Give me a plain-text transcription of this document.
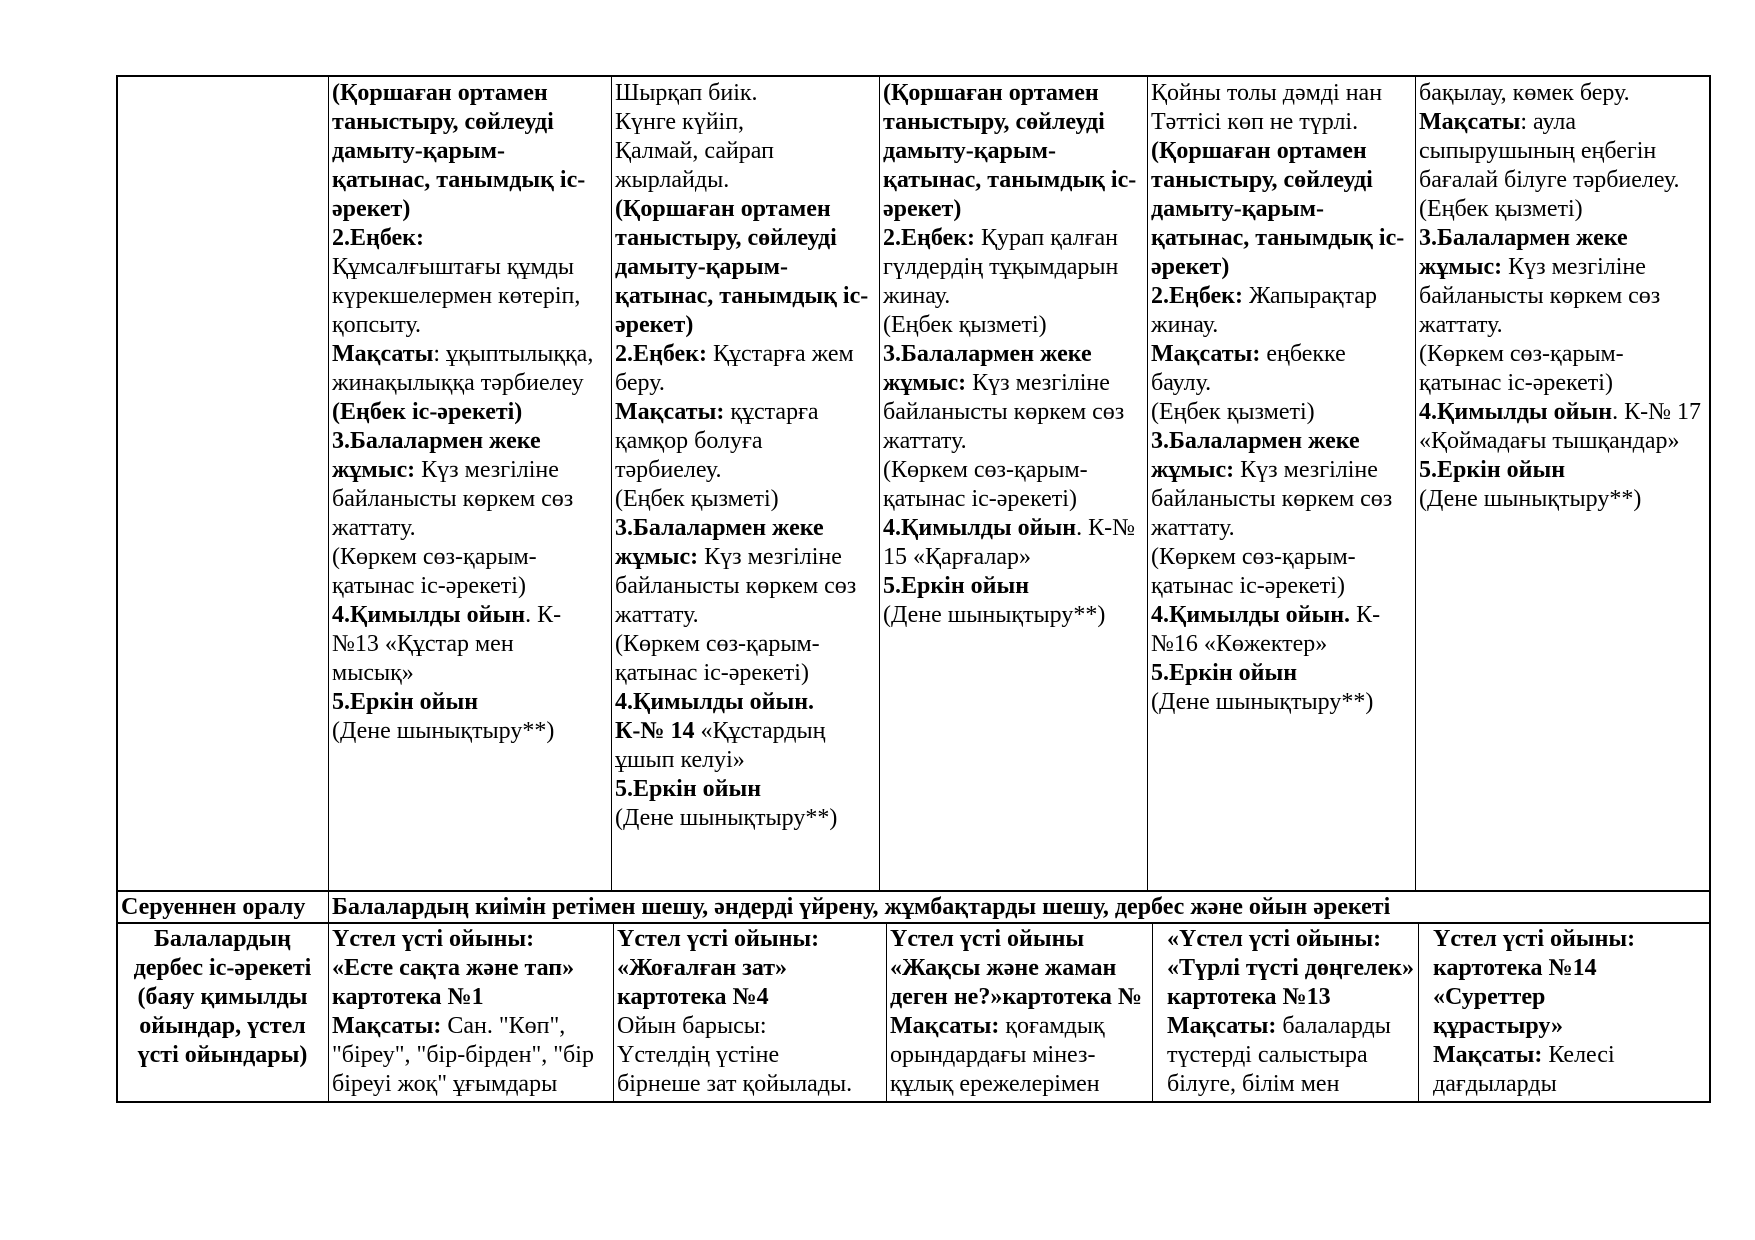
(Қоршаған ортамен
таныстыру, сөйлеуді
дамыту-қарым-
қатынас, танымдық іс-
әрекет)
2.Еңбек:
Құмсалғыштағы құмды
күрекшелермен көтеріп,
қопсыту.
Мақсаты: ұқыптылыққа,
жинақылыққа тәрбиелеу
(Еңбек іс-әрекеті)
3.Балалармен жеке
жұмыс: Күз мезгіліне
байланысты көркем сөз
жаттату.
(Көркем сөз-қарым-
қатынас іс-әрекеті)
4.Қимылды ойын. К-
№13 «Құстар мен
мысық»
5.Еркін ойын
(Дене шынықтыру**)
Шырқап биік.
Күнге күйіп,
Қалмай, сайрап
жырлайды.
(Қоршаған ортамен
таныстыру, сөйлеуді
дамыту-қарым-
қатынас, танымдық іс-
әрекет)
2.Еңбек: Құстарға жем
беру.
Мақсаты: құстарға
қамқор болуға
тәрбиелеу.
(Еңбек қызметі)
3.Балалармен жеке
жұмыс: Күз мезгіліне
байланысты көркем сөз
жаттату.
(Көркем сөз-қарым-
қатынас іс-әрекеті)
4.Қимылды ойын.
К-№ 14 «Құстардың
ұшып келуі»
5.Еркін ойын
(Дене шынықтыру**)
(Қоршаған ортамен
таныстыру, сөйлеуді
дамыту-қарым-
қатынас, танымдық іс-
әрекет)
2.Еңбек: Қурап қалған
гүлдердің тұқымдарын
жинау.
(Еңбек қызметі)
3.Балалармен жеке
жұмыс: Күз мезгіліне
байланысты көркем сөз
жаттату.
(Көркем сөз-қарым-
қатынас іс-әрекеті)
4.Қимылды ойын. К-№
15 «Қарғалар»
5.Еркін ойын
(Дене шынықтыру**)
Қойны толы дәмді нан
Тәттісі көп не түрлі.
(Қоршаған ортамен
таныстыру, сөйлеуді
дамыту-қарым-
қатынас, танымдық іс-
әрекет)
2.Еңбек: Жапырақтар
жинау.
Мақсаты: еңбекке
баулу.
(Еңбек қызметі)
3.Балалармен жеке
жұмыс: Күз мезгіліне
байланысты көркем сөз
жаттату.
(Көркем сөз-қарым-
қатынас іс-әрекеті)
4.Қимылды ойын. К-
№16 «Көжектер»
5.Еркін ойын
(Дене шынықтыру**)
бақылау, көмек беру.
Мақсаты: аула
сыпырушының еңбегін
бағалай білуге тәрбиелеу.
(Еңбек қызметі)
3.Балалармен жеке
жұмыс: Күз мезгіліне
байланысты көркем сөз
жаттату.
(Көркем сөз-қарым-
қатынас іс-әрекеті)
4.Қимылды ойын. К-№ 17
«Қоймадағы тышқандар»
5.Еркін ойын
(Дене шынықтыру**)
Серуеннен оралу	Балалардың киімін ретімен шешу, әндерді үйрену, жұмбақтарды шешу, дербес және ойын әрекеті
Балалардың
дербес іс-әрекеті
(баяу қимылды
ойындар, үстел
үсті ойындары)
Үстел үсті ойыны:
«Есте сақта және тап»
картотека №1
Мақсаты: Сан. "Көп",
"біреу", "бір-бірден", "бір
біреуі жоқ" ұғымдары
Үстел үсті ойыны:
«Жоғалған зат»
картотека №4
Ойын барысы:
Үстелдің үстіне
бірнеше зат қойылады.
Үстел үсті ойыны
«Жақсы және жаман
деген не?»картотека №
Мақсаты: қоғамдық
орындардағы мінез-
құлық ережелерімен
«Үстел үсті ойыны:
«Түрлі түсті дөңгелек»
картотека №13
Мақсаты: балаларды
түстерді салыстыра
білуге, білім мен
Үстел үсті ойыны:
картотека №14
«Суреттер
құрастыру»
Мақсаты: Келесі
дағдыларды
